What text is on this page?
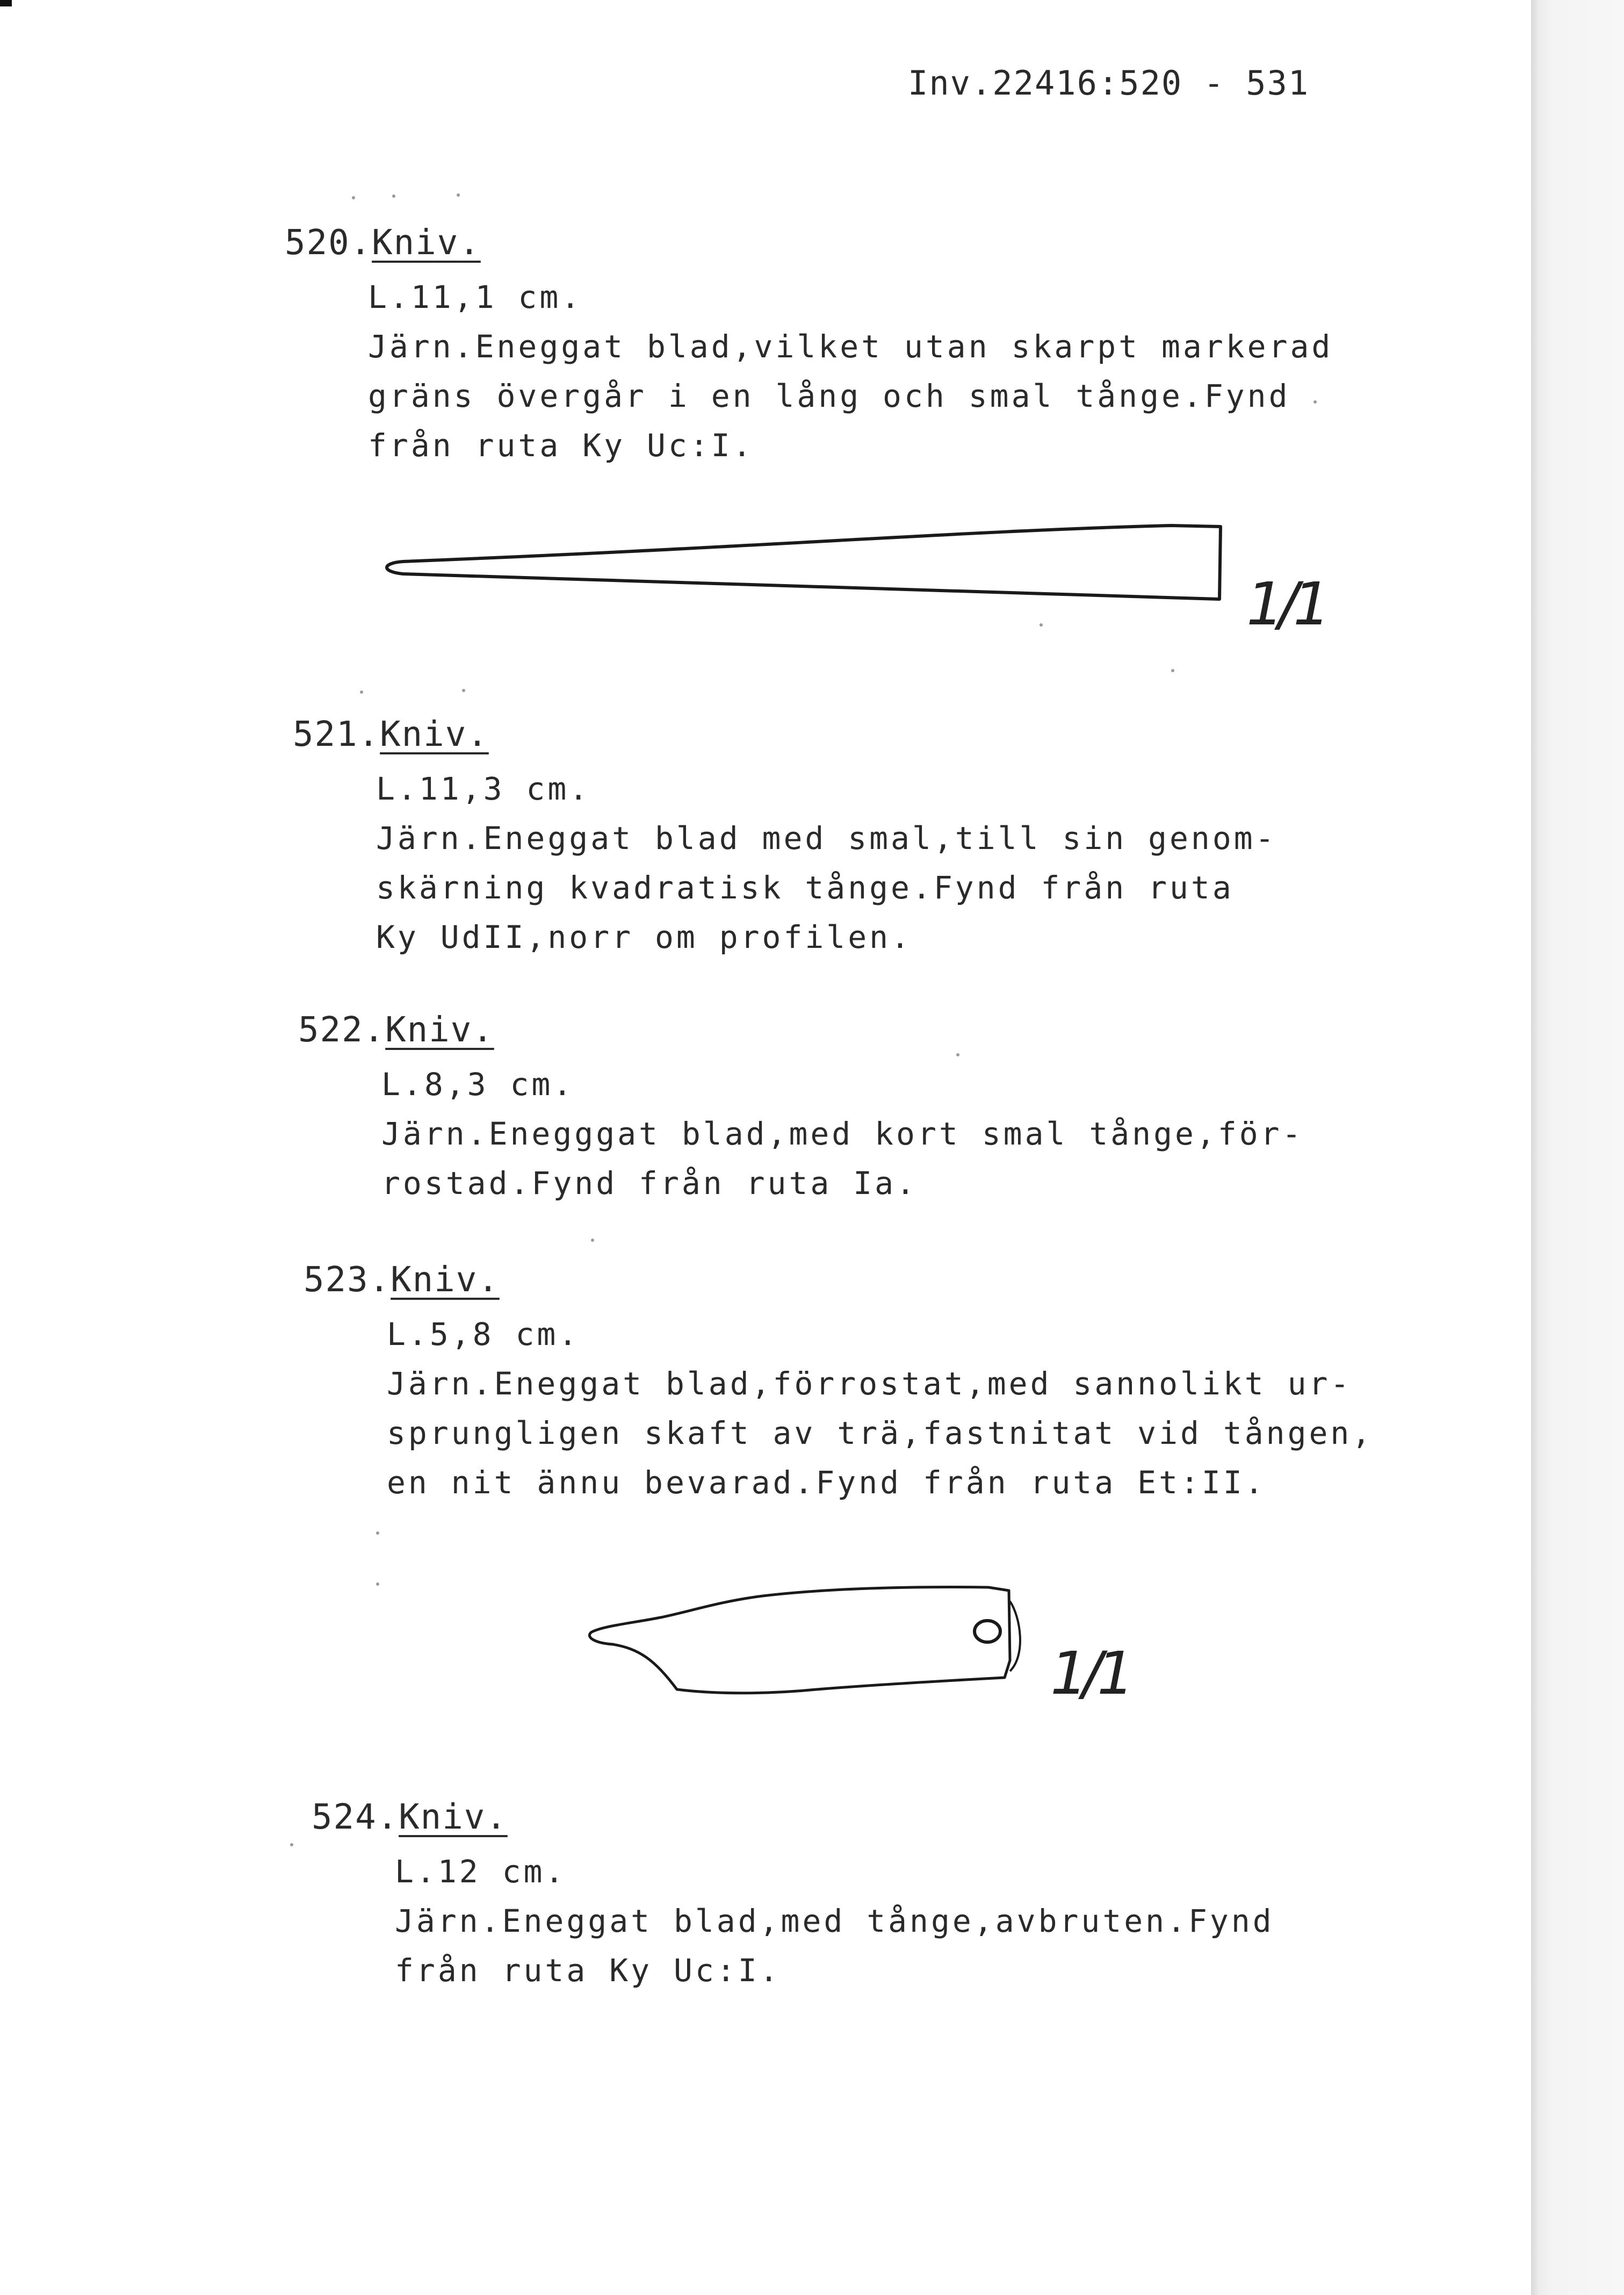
Inv.22416:520 - 531
520.Kniv.
L.11,1 cm.
Järn.Eneggat blad,vilket utan skarpt markerad
gräns övergår i en lång och smal tånge.Fynd
från ruta Ky Uc:I.
1/1
521.Kniv.
L.11,3 cm.
Järn.Eneggat blad med smal,till sin genom-
skärning kvadratisk tånge.Fynd från ruta
Ky UdII,norr om profilen.
522.Kniv.
L.8,3 cm.
Järn.Enegggat blad,med kort smal tånge,för-
rostad.Fynd från ruta Ia.
523.Kniv.
L.5,8 cm.
Järn.Eneggat blad,förrostat,med sannolikt ur-
sprungligen skaft av trä,fastnitat vid tången,
en nit ännu bevarad.Fynd från ruta Et:II.
1/1
524.Kniv.
L.12 cm.
Järn.Eneggat blad,med tånge,avbruten.Fynd
från ruta Ky Uc:I.
